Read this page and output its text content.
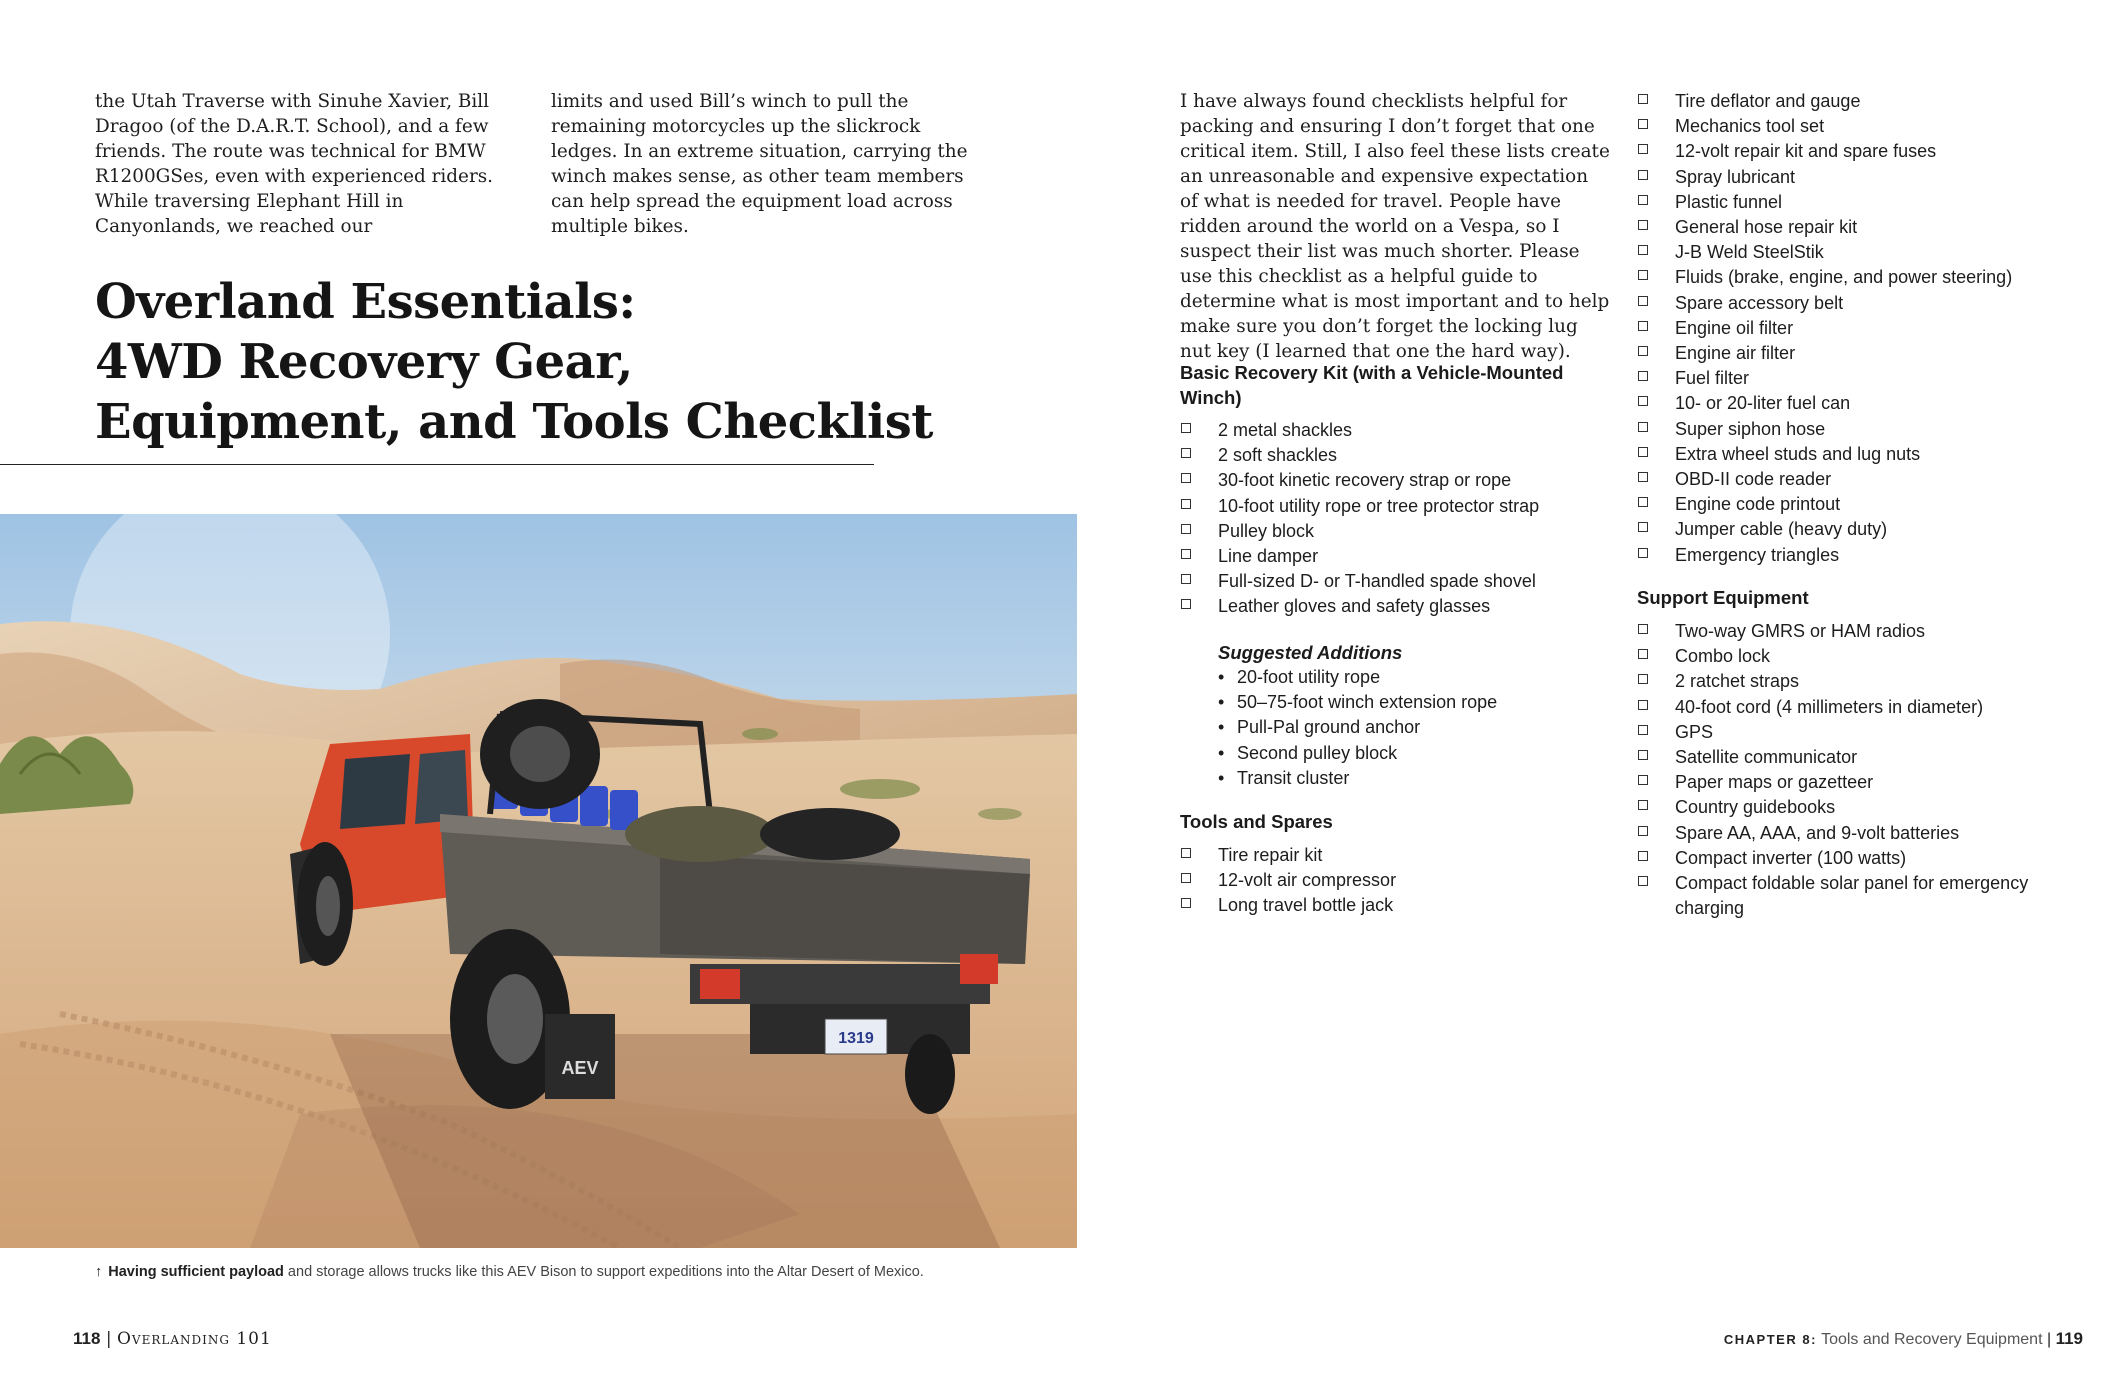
the Utah Traverse with Sinuhe Xavier, Bill Dragoo (of the D.A.R.T. School), and a few friends. The route was technical for BMW R1200GSes, even with experienced riders. While traversing Elephant Hill in Canyonlands, we reached our

limits and used Bill’s winch to pull the remaining motorcycles up the slickrock ledges. In an extreme situation, carrying the winch makes sense, as other team members can help spread the equipment load across multiple bikes.

Overland Essentials:
4WD Recovery Gear,
Equipment, and Tools Checklist
1319
AEV
↑ Having sufficient payload and storage allows trucks like this AEV Bison to support expeditions into the Altar Desert of Mexico.
118 | Overlanding 101

I have always found checklists helpful for packing and ensuring I don’t forget that one critical item. Still, I also feel these lists create an unreasonable and expensive expectation of what is needed for travel. People have ridden around the world on a Vespa, so I suspect their list was much shorter. Please use this checklist as a helpful guide to determine what is most important and to help make sure you don’t forget the locking lug nut key (I learned that one the hard way).

Basic Recovery Kit (with a Vehicle-Mounted Winch)
2 metal shackles
2 soft shackles
30-foot kinetic recovery strap or rope
10-foot utility rope or tree protector strap
Pulley block
Line damper
Full-sized D- or T-handled spade shovel
Leather gloves and safety glasses
Suggested Additions
• 20-foot utility rope
• 50–75-foot winch extension rope
• Pull-Pal ground anchor
• Second pulley block
• Transit cluster
Tools and Spares
Tire repair kit
12-volt air compressor
Long travel bottle jack
Tire deflator and gauge
Mechanics tool set
12-volt repair kit and spare fuses
Spray lubricant
Plastic funnel
General hose repair kit
J-B Weld SteelStik
Fluids (brake, engine, and power steering)
Spare accessory belt
Engine oil filter
Engine air filter
Fuel filter
10- or 20-liter fuel can
Super siphon hose
Extra wheel studs and lug nuts
OBD-II code reader
Engine code printout
Jumper cable (heavy duty)
Emergency triangles
Support Equipment
Two-way GMRS or HAM radios
Combo lock
2 ratchet straps
40-foot cord (4 millimeters in diameter)
GPS
Satellite communicator
Paper maps or gazetteer
Country guidebooks
Spare AA, AAA, and 9-volt batteries
Compact inverter (100 watts)
Compact foldable solar panel for emergency charging
CHAPTER 8: Tools and Recovery Equipment | 119
